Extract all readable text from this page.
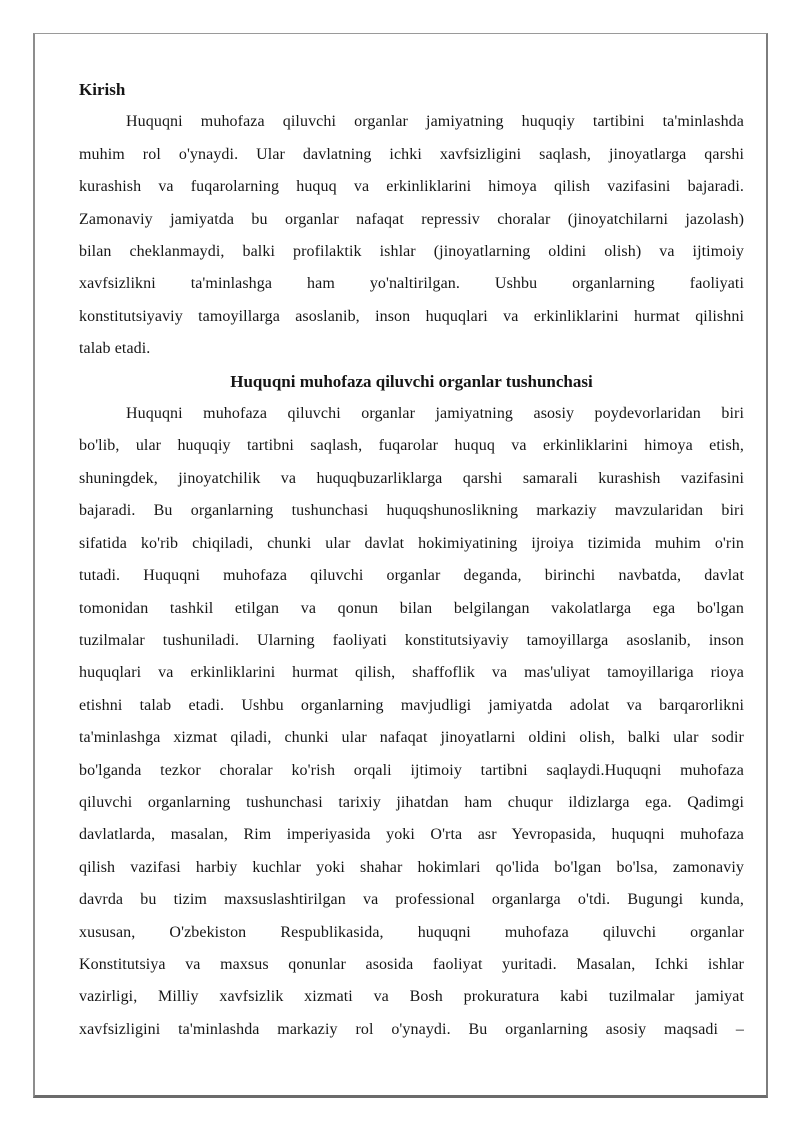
Kirish
Huquqni muhofaza qiluvchi organlar jamiyatning huquqiy tartibini ta'minlashda
muhim rol o'ynaydi. Ular davlatning ichki xavfsizligini saqlash, jinoyatlarga qarshi
kurashish va fuqarolarning huquq va erkinliklarini himoya qilish vazifasini bajaradi.
Zamonaviy jamiyatda bu organlar nafaqat repressiv choralar (jinoyatchilarni jazolash)
bilan cheklanmaydi, balki profilaktik ishlar (jinoyatlarning oldini olish) va ijtimoiy
xavfsizlikni ta'minlashga ham yo'naltirilgan. Ushbu organlarning faoliyati
konstitutsiyaviy tamoyillarga asoslanib, inson huquqlari va erkinliklarini hurmat qilishni
talab etadi.
Huquqni muhofaza qiluvchi organlar tushunchasi
Huquqni muhofaza qiluvchi organlar jamiyatning asosiy poydevorlaridan biri
bo'lib, ular huquqiy tartibni saqlash, fuqarolar huquq va erkinliklarini himoya etish,
shuningdek, jinoyatchilik va huquqbuzarliklarga qarshi samarali kurashish vazifasini
bajaradi. Bu organlarning tushunchasi huquqshunoslikning markaziy mavzularidan biri
sifatida ko'rib chiqiladi, chunki ular davlat hokimiyatining ijroiya tizimida muhim o'rin
tutadi. Huquqni muhofaza qiluvchi organlar deganda, birinchi navbatda, davlat
tomonidan tashkil etilgan va qonun bilan belgilangan vakolatlarga ega bo'lgan
tuzilmalar tushuniladi. Ularning faoliyati konstitutsiyaviy tamoyillarga asoslanib, inson
huquqlari va erkinliklarini hurmat qilish, shaffoflik va mas'uliyat tamoyillariga rioya
etishni talab etadi. Ushbu organlarning mavjudligi jamiyatda adolat va barqarorlikni
ta'minlashga xizmat qiladi, chunki ular nafaqat jinoyatlarni oldini olish, balki ular sodir
bo'lganda tezkor choralar ko'rish orqali ijtimoiy tartibni saqlaydi.Huquqni muhofaza
qiluvchi organlarning tushunchasi tarixiy jihatdan ham chuqur ildizlarga ega. Qadimgi
davlatlarda, masalan, Rim imperiyasida yoki O'rta asr Yevropasida, huquqni muhofaza
qilish vazifasi harbiy kuchlar yoki shahar hokimlari qo'lida bo'lgan bo'lsa, zamonaviy
davrda bu tizim maxsuslashtirilgan va professional organlarga o'tdi. Bugungi kunda,
xususan, O'zbekiston Respublikasida, huquqni muhofaza qiluvchi organlar
Konstitutsiya va maxsus qonunlar asosida faoliyat yuritadi. Masalan, Ichki ishlar
vazirligi, Milliy xavfsizlik xizmati va Bosh prokuratura kabi tuzilmalar jamiyat
xavfsizligini ta'minlashda markaziy rol o'ynaydi. Bu organlarning asosiy maqsadi –
